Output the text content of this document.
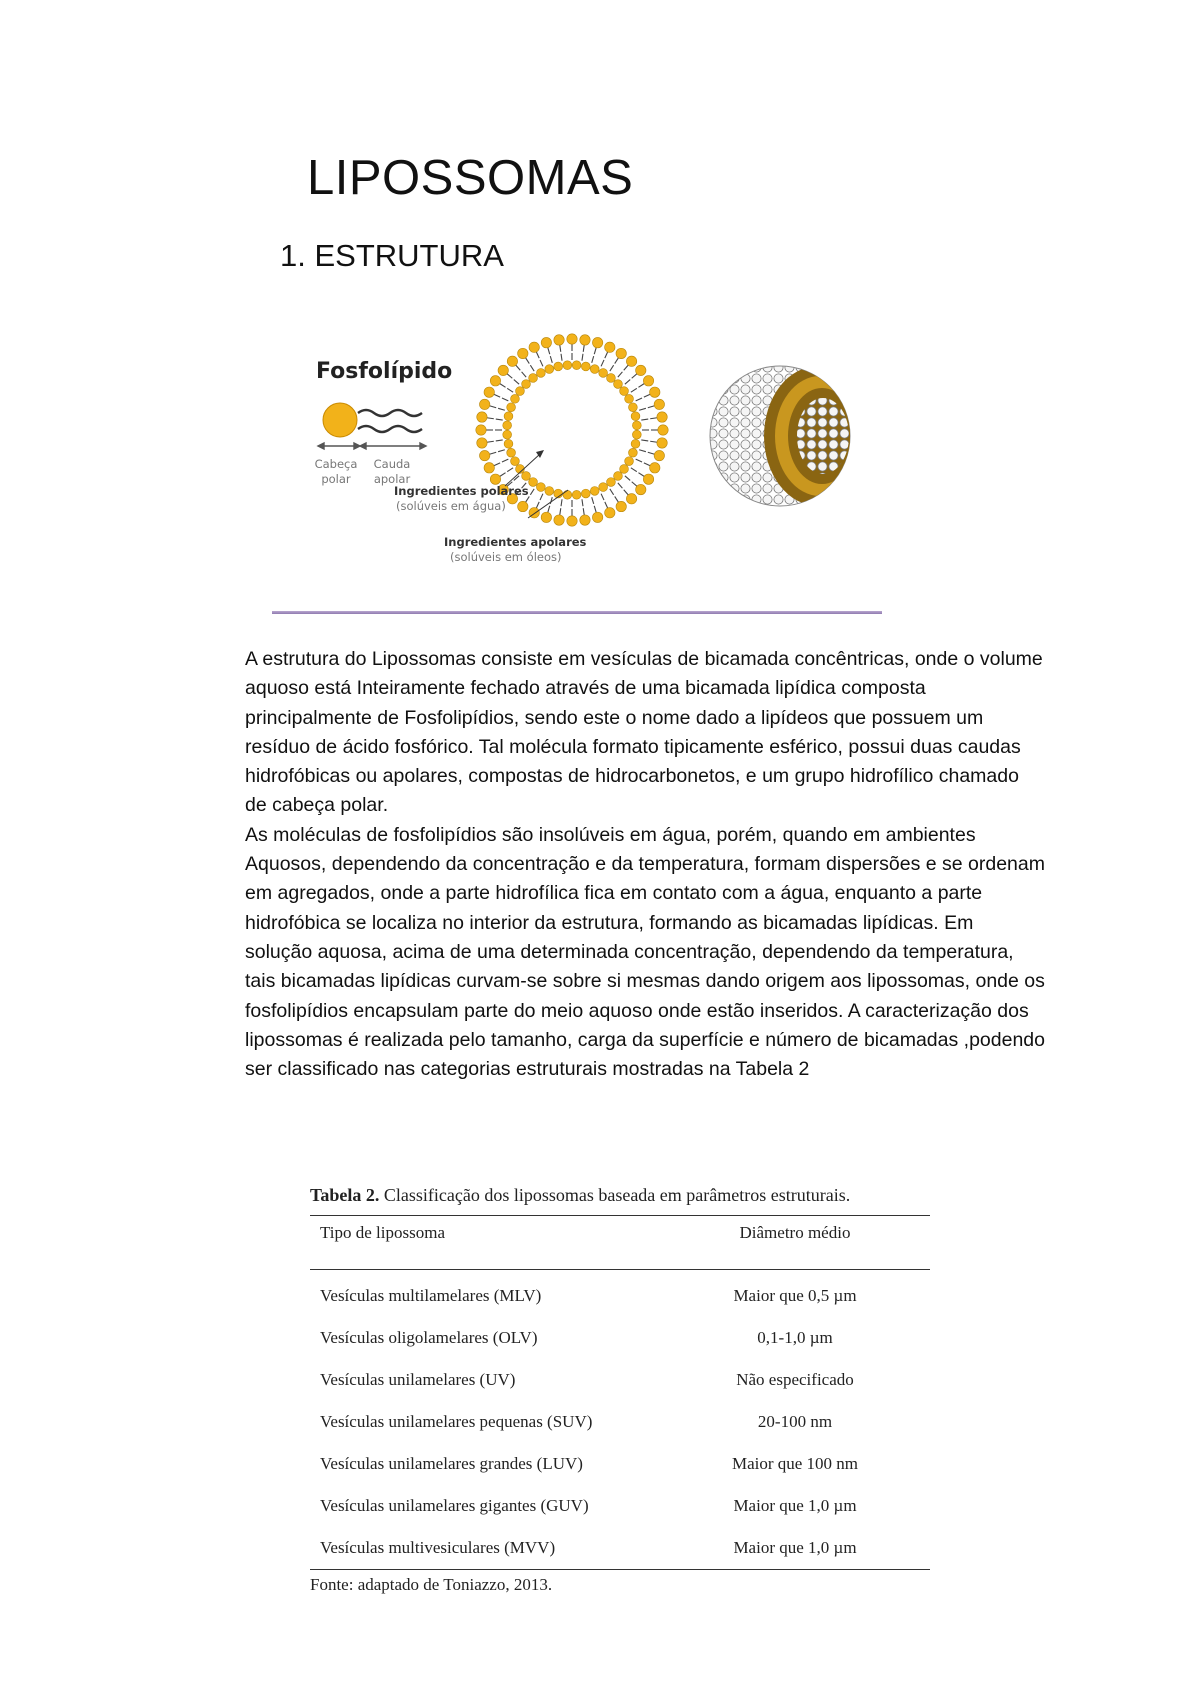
LIPOSSOMAS
1. ESTRUTURA
Fosfolípido
Cabeça
polar
Cauda
apolar
Ingredientes polares
(solúveis em água)
Ingredientes apolares
(solúveis em óleos)

A estrutura do Lipossomas consiste em vesículas de bicamada concêntricas, onde o volume aquoso está Inteiramente fechado através de uma bicamada lipídica composta principalmente de Fosfolipídios, sendo este o nome dado a lipídeos que possuem um resíduo de ácido fosfórico. Tal molécula formato tipicamente esférico, possui duas caudas hidrofóbicas ou apolares, compostas de hidrocarbonetos, e um grupo hidrofílico chamado de cabeça polar.

As moléculas de fosfolipídios são insolúveis em água, porém, quando em ambientes Aquosos, dependendo da concentração e da temperatura, formam dispersões e se ordenam em agregados, onde a parte hidrofílica fica em contato com a água, enquanto a parte hidrofóbica se localiza no interior da estrutura, formando as bicamadas lipídicas. Em solução aquosa, acima de uma determinada concentração, dependendo da temperatura, tais bicamadas lipídicas curvam-se sobre si mesmas dando origem aos lipossomas, onde os fosfolipídios encapsulam parte do meio aquoso onde estão inseridos. A caracterização dos lipossomas é realizada pelo tamanho, carga da superfície e número de bicamadas ,podendo ser classificado nas categorias estruturais mostradas na Tabela 2

Tabela 2. Classificação dos lipossomas baseada em parâmetros estruturais.
Tipo de lipossoma	Diâmetro médio
Vesículas multilamelares (MLV)	Maior que 0,5 µm
Vesículas oligolamelares (OLV)	0,1-1,0 µm
Vesículas unilamelares (UV)	Não especificado
Vesículas unilamelares pequenas (SUV)	20-100 nm
Vesículas unilamelares grandes (LUV)	Maior que 100 nm
Vesículas unilamelares gigantes (GUV)	Maior que 1,0 µm
Vesículas multivesiculares (MVV)	Maior que 1,0 µm
Fonte: adaptado de Toniazzo, 2013.
